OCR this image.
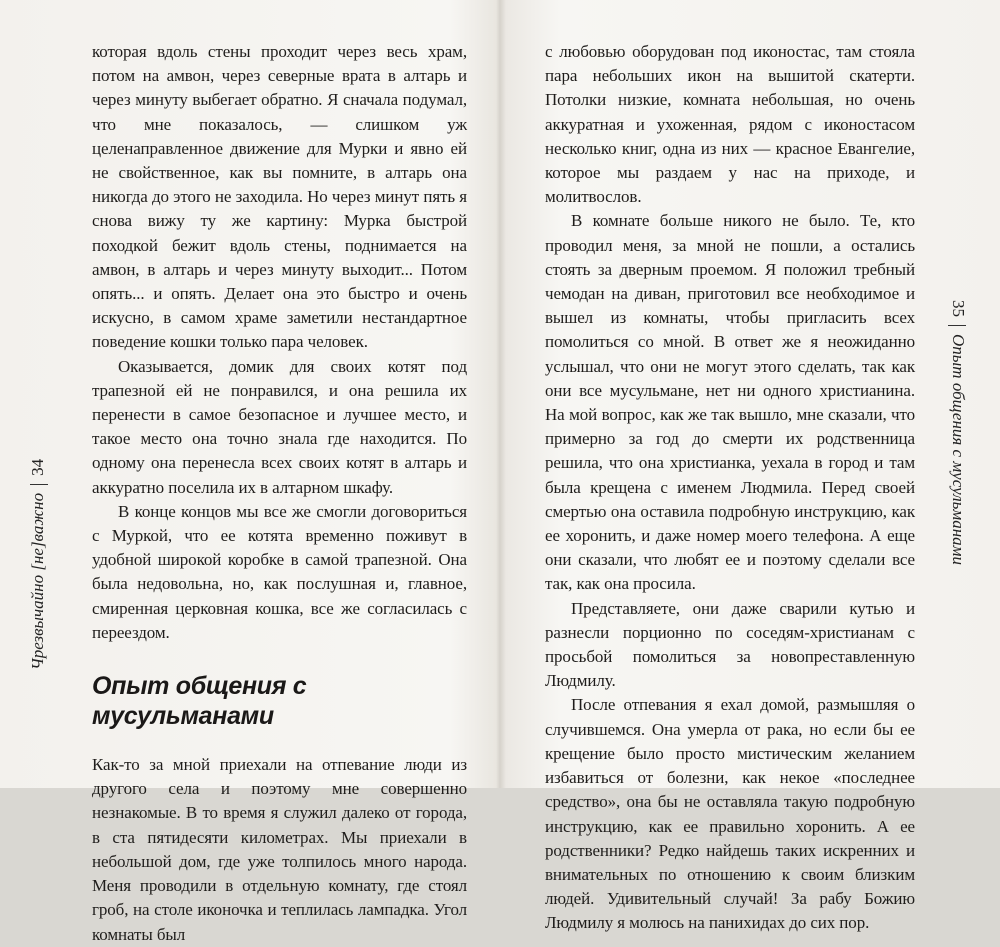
Чрезвычайно [не]важно34

которая вдоль стены проходит через весь храм, потом на амвон, через северные врата в алтарь и через минуту выбегает обратно. Я сначала подумал, что мне показалось, — слишком уж целенаправленное движение для Мурки и явно ей не свойственное, как вы помните, в алтарь она никогда до этого не заходила. Но через минут пять я снова вижу ту же картину: Мурка быстрой походкой бежит вдоль стены, поднимается на амвон, в алтарь и через минуту выходит... Потом опять... и опять. Делает она это быстро и очень искусно, в самом храме заметили нестандартное поведение кошки только пара человек.

Оказывается, домик для своих котят под трапезной ей не понравился, и она решила их перенести в самое безопасное и лучшее место, и такое место она точно знала где находится. По одному она перенесла всех своих котят в алтарь и аккуратно поселила их в алтарном шкафу.

В конце концов мы все же смогли договориться с Муркой, что ее котята временно поживут в удобной широкой коробке в самой трапезной. Она была недовольна, но, как послушная и, главное, смиренная церковная кошка, все же согласилась с переездом.

Опыт общения с мусульманами

Как-то за мной приехали на отпевание люди из другого села и поэтому мне совершенно незнакомые. В то время я служил далеко от города, в ста пятидесяти километрах. Мы приехали в небольшой дом, где уже толпилось много народа. Меня проводили в отдельную комнату, где стоял гроб, на столе иконочка и теплилась лампадка. Угол комнаты был

с любовью оборудован под иконостас, там стояла пара небольших икон на вышитой скатерти. Потолки низкие, комната небольшая, но очень аккуратная и ухоженная, рядом с иконостасом несколько книг, одна из них — красное Евангелие, которое мы раздаем у нас на приходе, и молитвослов.

В комнате больше никого не было. Те, кто проводил меня, за мной не пошли, а остались стоять за дверным проемом. Я положил требный чемодан на диван, приготовил все необходимое и вышел из комнаты, чтобы пригласить всех помолиться со мной. В ответ же я неожиданно услышал, что они не могут этого сделать, так как они все мусульмане, нет ни одного христианина. На мой вопрос, как же так вышло, мне сказали, что примерно за год до смерти их родственница решила, что она христианка, уехала в город и там была крещена с именем Людмила. Перед своей смертью она оставила подробную инструкцию, как ее хоронить, и даже номер моего телефона. А еще они сказали, что любят ее и поэтому сделали все так, как она просила.

Представляете, они даже сварили кутью и разнесли порционно по соседям-христианам с просьбой помолиться за новопреставленную Людмилу.

После отпевания я ехал домой, размышляя о случившемся. Она умерла от рака, но если бы ее крещение было просто мистическим желанием избавиться от болезни, как некое «последнее средство», она бы не оставляла такую подробную инструкцию, как ее правильно хоронить. А ее родственники? Редко найдешь таких искренних и внимательных по отношению к своим близким людей. Удивительный случай! За рабу Божию Людмилу я молюсь на панихидах до сих пор.

35Опыт общения с мусульманами
